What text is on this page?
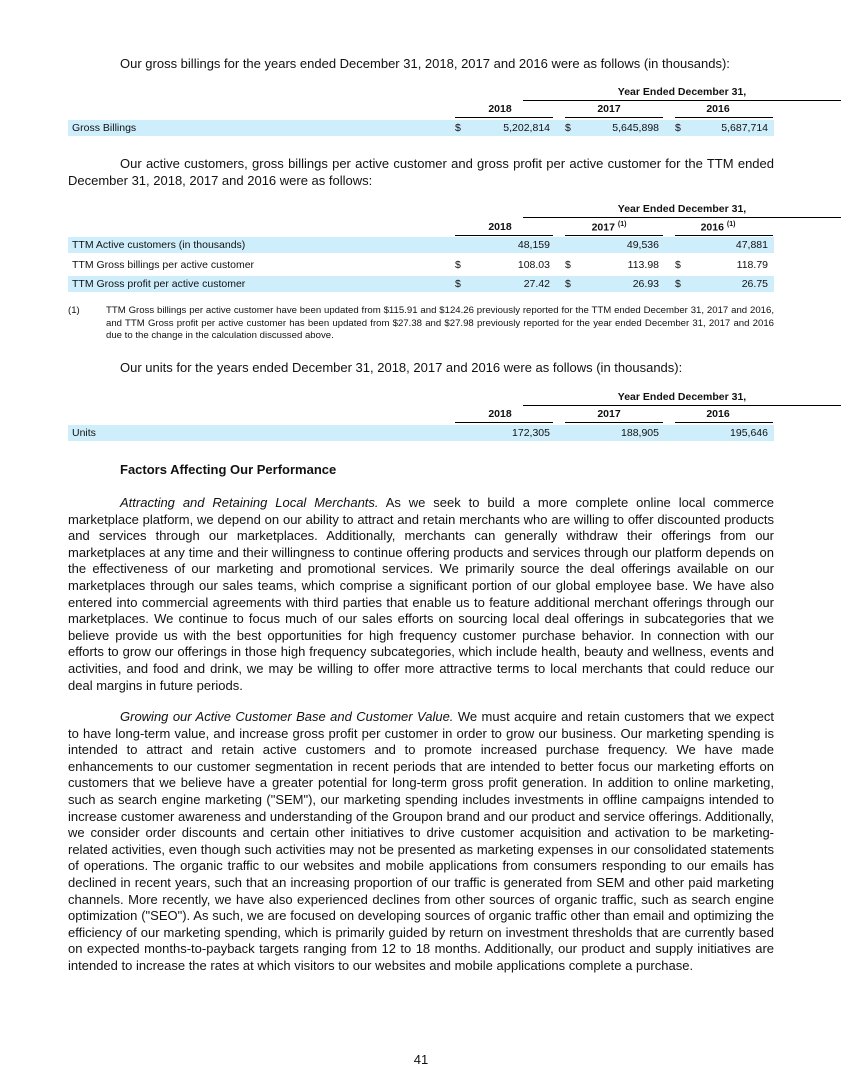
Our gross billings for the years ended December 31, 2018, 2017 and 2016 were as follows (in thousands):

Year Ended December 31,
2018	2017	2016
Gross Billings	$	5,202,814 $	5,645,898 $	5,687,714

Our active customers, gross billings per active customer and gross profit per active customer for the TTM ended December 31, 2018, 2017 and 2016 were as follows:

Year Ended December 31,
2018	2017 $^{(1)}$	2016 $^{(1)}$
TTM Active customers (in thousands)	48,159	49,536	47,881
TTM Gross billings per active customer	$	108.03 $	113.98 $	118.79
TTM Gross profit per active customer	$	27.42 $	26.93 $	26.75
(1)	TTM Gross billings per active customer have been updated from $115.91 and $124.26 previously reported for the TTM ended December 31, 2017 and 2016, and TTM Gross profit per active customer has been updated from $27.38 and $27.98 previously reported for the year ended December 31, 2017 and 2016 due to the change in the calculation discussed above.

Our units for the years ended December 31, 2018, 2017 and 2016 were as follows (in thousands):

Year Ended December 31,
2018	2017	2016
Units	172,305	188,905	195,646
Factors Affecting Our Performance

Attracting and Retaining Local Merchants. As we seek to build a more complete online local commerce marketplace platform, we depend on our ability to attract and retain merchants who are willing to offer discounted products and services through our marketplaces. Additionally, merchants can generally withdraw their offerings from our marketplaces at any time and their willingness to continue offering products and services through our platform depends on the effectiveness of our marketing and promotional services. We primarily source the deal offerings available on our marketplaces through our sales teams, which comprise a significant portion of our global employee base. We have also entered into commercial agreements with third parties that enable us to feature additional merchant offerings through our marketplaces. We continue to focus much of our sales efforts on sourcing local deal offerings in subcategories that we believe provide us with the best opportunities for high frequency customer purchase behavior. In connection with our efforts to grow our offerings in those high frequency subcategories, which include health, beauty and wellness, events and activities, and food and drink, we may be willing to offer more attractive terms to local merchants that could reduce our deal margins in future periods.

Growing our Active Customer Base and Customer Value. We must acquire and retain customers that we expect to have long-term value, and increase gross profit per customer in order to grow our business. Our marketing spending is intended to attract and retain active customers and to promote increased purchase frequency. We have made enhancements to our customer segmentation in recent periods that are intended to better focus our marketing efforts on customers that we believe have a greater potential for long-term gross profit generation. In addition to online marketing, such as search engine marketing ("SEM"), our marketing spending includes investments in offline campaigns intended to increase customer awareness and understanding of the Groupon brand and our product and service offerings. Additionally, we consider order discounts and certain other initiatives to drive customer acquisition and activation to be marketing-related activities, even though such activities may not be presented as marketing expenses in our consolidated statements of operations. The organic traffic to our websites and mobile applications from consumers responding to our emails has declined in recent years, such that an increasing proportion of our traffic is generated from SEM and other paid marketing channels. More recently, we have also experienced declines from other sources of organic traffic, such as search engine optimization ("SEO"). As such, we are focused on developing sources of organic traffic other than email and optimizing the efficiency of our marketing spending, which is primarily guided by return on investment thresholds that are currently based on expected months-to-payback targets ranging from 12 to 18 months. Additionally, our product and supply initiatives are intended to increase the rates at which visitors to our websites and mobile applications complete a purchase.

41
